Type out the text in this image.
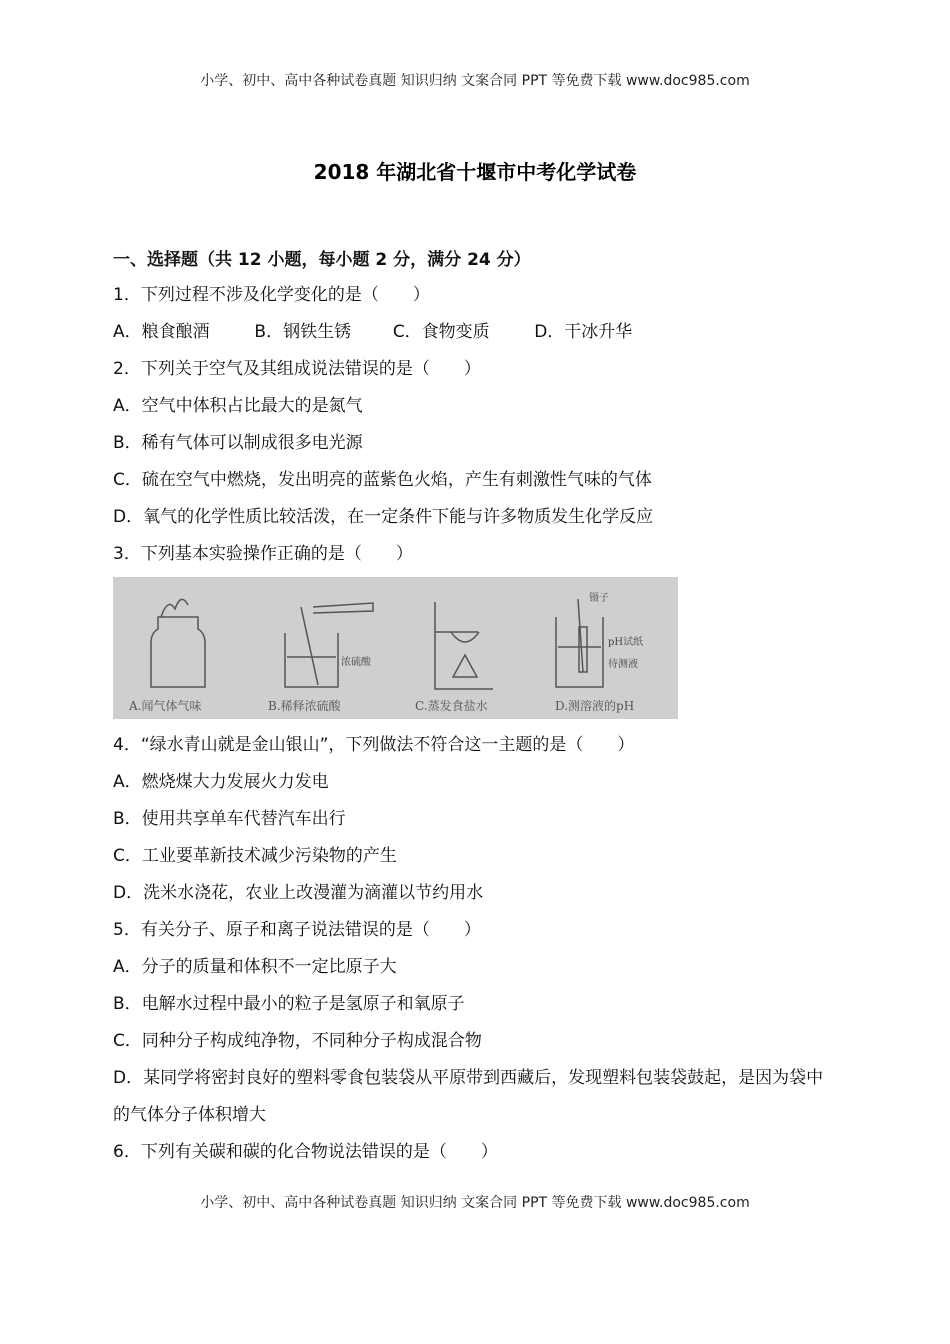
小学、初中、高中各种试卷真题 知识归纳 文案合同 PPT 等免费下载 www.doc985.com
2018 年湖北省十堰市中考化学试卷
一、选择题（共 12 小题，每小题 2 分，满分 24 分）
1．下列过程不涉及化学变化的是（　　）
A．粮食酿酒	B．钢铁生锈 C．食物变质	D．干冰升华
2．下列关于空气及其组成说法错误的是（　　）
A．空气中体积占比最大的是氮气
B．稀有气体可以制成很多电光源
C．硫在空气中燃烧，发出明亮的蓝紫色火焰，产生有刺激性气味的气体
D．氧气的化学性质比较活泼，在一定条件下能与许多物质发生化学反应
3．下列基本实验操作正确的是（　　）
A.闻气体气味	B.稀释浓硫酸	C.蒸发食盐水	D.测溶液的pH
浓硫酸
镊子
pH试纸
待测液
4．“绿水青山就是金山银山”，下列做法不符合这一主题的是（　　）
A．燃烧煤大力发展火力发电
B．使用共享单车代替汽车出行
C．工业要革新技术减少污染物的产生
D．洗米水浇花，农业上改漫灌为滴灌以节约用水
5．有关分子、原子和离子说法错误的是（　　）
A．分子的质量和体积不一定比原子大
B．电解水过程中最小的粒子是氢原子和氧原子
C．同种分子构成纯净物，不同种分子构成混合物
D．某同学将密封良好的塑料零食包装袋从平原带到西藏后，发现塑料包装袋鼓起，是因为袋中的气体分子体积增大
6．下列有关碳和碳的化合物说法错误的是（　　）
小学、初中、高中各种试卷真题 知识归纳 文案合同 PPT 等免费下载 www.doc985.com
